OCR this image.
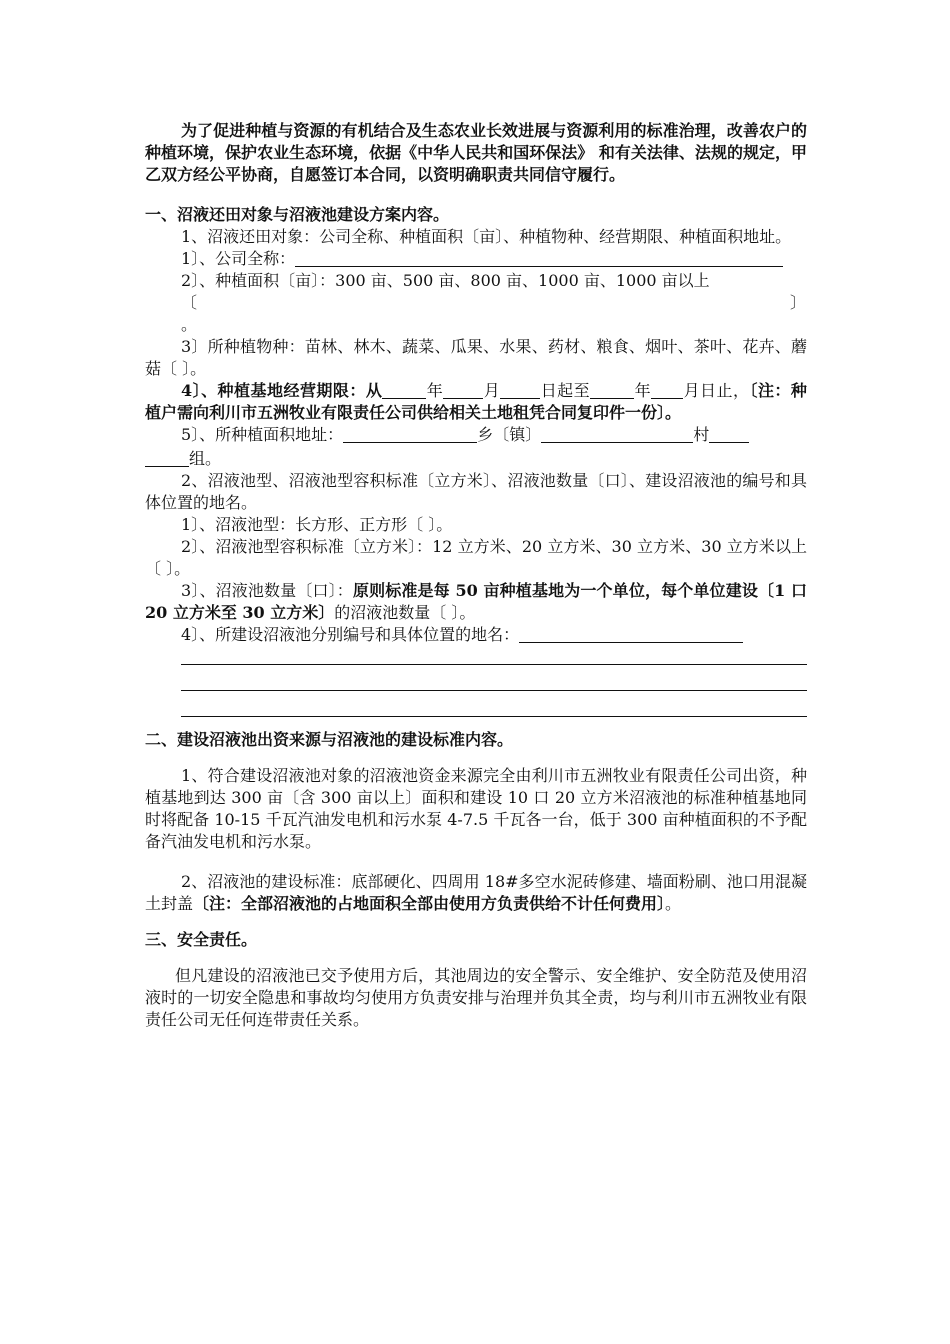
为了促进种植与资源的有机结合及生态农业长效进展与资源利用的标准治理，改善农户的种植环境，保护农业生态环境，依据《中华人民共和国环保法》 和有关法律、法规的规定，甲乙双方经公平协商，自愿签订本合同，以资明确职责共同信守履行。

一、沼液还田对象与沼液池建设方案内容。

1、沼液还田对象：公司全称、种植面积〔亩〕、种植物种、经营期限、种植面积地址。

1〕、公司全称：
2〕、种植面积〔亩〕：300 亩、500 亩、800 亩、1000 亩、1000 亩以上
〔	〕
。

3〕所种植物种：苗林、林木、蔬菜、瓜果、水果、药材、粮食、烟叶、茶叶、花卉、蘑菇〔 〕。

4〕、种植基地经营期限：从	年	月	日起至	年 月日止，〔注：种植户需向利川市五洲牧业有限责任公司供给相关土地租凭合同复印件一份〕。

5〕、所种植面积地址：	乡〔镇〕	村
组。

2、沼液池型、沼液池型容积标准〔立方米〕、沼液池数量〔口〕、建设沼液池的编号和具体位置的地名。

1〕、沼液池型：长方形、正方形〔 〕。

2〕、沼液池型容积标准〔立方米〕：12 立方米、20 立方米、30 立方米、30 立方米以上〔 〕。

3〕、沼液池数量〔口〕：原则标准是每 50 亩种植基地为一个单位，每个单位建设〔1 口 20 立方米至 30 立方米〕的沼液池数量〔 〕。

4〕、所建设沼液池分别编号和具体位置的地名：

二、建设沼液池出资来源与沼液池的建设标准内容。

1、符合建设沼液池对象的沼液池资金来源完全由利川市五洲牧业有限责任公司出资，种植基地到达 300 亩〔含 300 亩以上〕面积和建设 10 口 20 立方米沼液池的标准种植基地同时将配备 10-15 千瓦汽油发电机和污水泵 4-7.5 千瓦各一台，低于 300 亩种植面积的不予配备汽油发电机和污水泵。

2、沼液池的建设标准：底部硬化、四周用 18#多空水泥砖修建、墙面粉刷、池口用混凝土封盖〔注：全部沼液池的占地面积全部由使用方负责供给不计任何费用〕。

三、安全责任。

但凡建设的沼液池已交予使用方后，其池周边的安全警示、安全维护、安全防范及使用沼液时的一切安全隐患和事故均匀使用方负责安排与治理并负其全责，均与利川市五洲牧业有限责任公司无任何连带责任关系。
